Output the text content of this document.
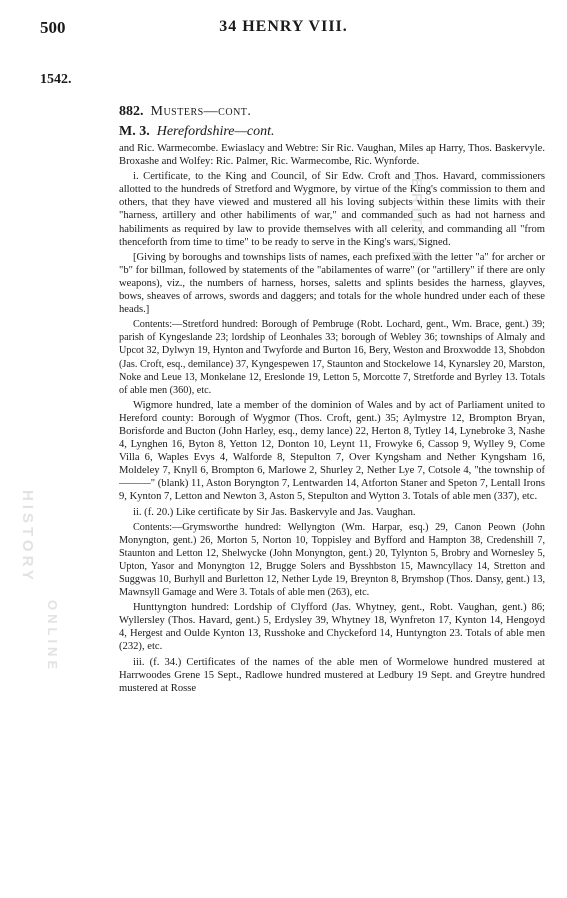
BRITISH
HISTORY
ONLINE
500	34 HENRY VIII.
1542.
882. Musters—cont.
M. 3. Herefordshire—cont.

and Ric. Warmecombe. Ewiaslacy and Webtre: Sir Ric. Vaughan, Miles ap Harry, Thos. Baskervyle. Broxashe and Wolfey: Ric. Palmer, Ric. Warmecombe, Ric. Wynforde.

i. Certificate, to the King and Council, of Sir Edw. Croft and Thos. Havard, commissioners allotted to the hundreds of Stretford and Wygmore, by virtue of the King's commission to them and others, that they have viewed and mustered all his loving subjects within these limits with their "harness, artillery and other habiliments of war," and commanded such as had not harness and habiliments as required by law to provide themselves with all celerity, and commanding all "from thenceforth from time to time" to be ready to serve in the King's wars. Signed.

[Giving by boroughs and townships lists of names, each prefixed with the letter "a" for archer or "b" for billman, followed by statements of the "abilamentes of warre" (or "artillery" if there are only weapons), viz., the numbers of harness, horses, saletts and splints besides the harness, glayves, bows, sheaves of arrows, swords and daggers; and totals for the whole hundred under each of these heads.]

Contents:—Stretford hundred: Borough of Pembruge (Robt. Lochard, gent., Wm. Brace, gent.) 39; parish of Kyngeslande 23; lordship of Leonhales 33; borough of Webley 36; townships of Almaly and Upcot 32, Dylwyn 19, Hynton and Twyforde and Burton 16, Bery, Weston and Broxwodde 13, Shobdon (Jas. Croft, esq., demilance) 37, Kyngespewen 17, Staunton and Stockelowe 14, Kynarsley 20, Marston, Noke and Leue 13, Monkelane 12, Ereslonde 19, Letton 5, Morcotte 7, Stretforde and Byrley 13. Totals of able men (360), etc.

Wigmore hundred, late a member of the dominion of Wales and by act of Parliament united to Hereford county: Borough of Wygmor (Thos. Croft, gent.) 35; Aylmystre 12, Brompton Bryan, Borisforde and Bucton (John Harley, esq., demy lance) 22, Herton 8, Tytley 14, Lynebroke 3, Nashe 4, Lynghen 16, Byton 8, Yetton 12, Donton 10, Leynt 11, Frowyke 6, Cassop 9, Wylley 9, Come Villa 6, Waples Evys 4, Walforde 8, Stepulton 7, Over Kyngsham and Nether Kyngsham 16, Moldeley 7, Knyll 6, Brompton 6, Marlowe 2, Shurley 2, Nether Lye 7, Cotsole 4, "the township of ———" (blank) 11, Aston Boryngton 7, Lentwarden 14, Atforton Staner and Speton 7, Lentall Irons 9, Kynton 7, Letton and Newton 3, Aston 5, Stepulton and Wytton 3. Totals of able men (337), etc.

ii. (f. 20.) Like certificate by Sir Jas. Baskervyle and Jas. Vaughan.

Contents:—Grymsworthe hundred: Wellyngton (Wm. Harpar, esq.) 29, Canon Peown (John Monyngton, gent.) 26, Morton 5, Norton 10, Toppisley and Byfford and Hampton 38, Credenshill 7, Staunton and Letton 12, Shelwycke (John Monyngton, gent.) 20, Tylynton 5, Brobry and Wornesley 5, Upton, Yasor and Monyngton 12, Brugge Solers and Bysshbston 15, Mawncyllacy 14, Stretton and Suggwas 10, Burhyll and Burletton 12, Nether Lyde 19, Breynton 8, Brymshop (Thos. Dansy, gent.) 13, Mawnsyll Gamage and Were 3. Totals of able men (263), etc.

Hunttyngton hundred: Lordship of Clyfford (Jas. Whytney, gent., Robt. Vaughan, gent.) 86; Wyllersley (Thos. Havard, gent.) 5, Erdysley 39, Whytney 18, Wynfreton 17, Kynton 14, Hengoyd 4, Hergest and Oulde Kynton 13, Russhoke and Chyckeford 14, Huntyngton 23. Totals of able men (232), etc.

iii. (f. 34.) Certificates of the names of the able men of Wormelowe hundred mustered at Harrwoodes Grene 15 Sept., Radlowe hundred mustered at Ledbury 19 Sept. and Greytre hundred mustered at Rosse
